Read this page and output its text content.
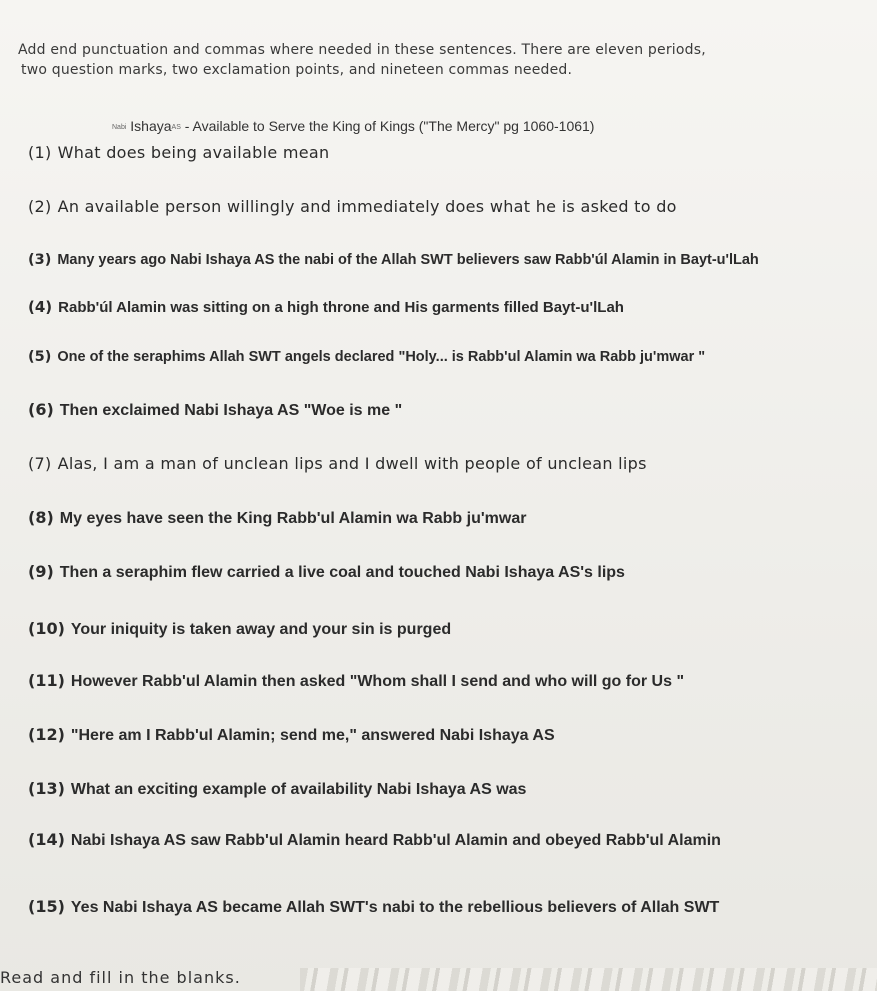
Add end punctuation and commas where needed in these sentences. There are eleven periods,
two question marks, two exclamation points, and nineteen commas needed.
Nabi IshayaAS - Available to Serve the King of Kings ("The Mercy" pg 1060-1061)
(1) What does being available mean
(2) An available person willingly and immediately does what he is asked to do
(3) Many years ago Nabi Ishaya AS the nabi of the Allah SWT believers saw Rabb'úl Alamin in Bayt-u'lLah
(4) Rabb'úl Alamin was sitting on a high throne and His garments filled Bayt-u'lLah
(5) One of the seraphims Allah SWT angels declared "Holy... is Rabb'ul Alamin wa Rabb ju'mwar "
(6) Then exclaimed Nabi Ishaya AS "Woe is me "
(7) Alas, I am a man of unclean lips and I dwell with people of unclean lips
(8) My eyes have seen the King Rabb'ul Alamin wa Rabb ju'mwar
(9) Then a seraphim flew carried a live coal and touched Nabi Ishaya AS's lips
(10) Your iniquity is taken away and your sin is purged
(11) However Rabb'ul Alamin then asked "Whom shall I send and who will go for Us "
(12) "Here am I Rabb'ul Alamin; send me," answered Nabi Ishaya AS
(13) What an exciting example of availability Nabi Ishaya AS was
(14) Nabi Ishaya AS saw Rabb'ul Alamin heard Rabb'ul Alamin and obeyed Rabb'ul Alamin
(15) Yes Nabi Ishaya AS became Allah SWT's nabi to the rebellious believers of Allah SWT
Read and fill in the blanks.
